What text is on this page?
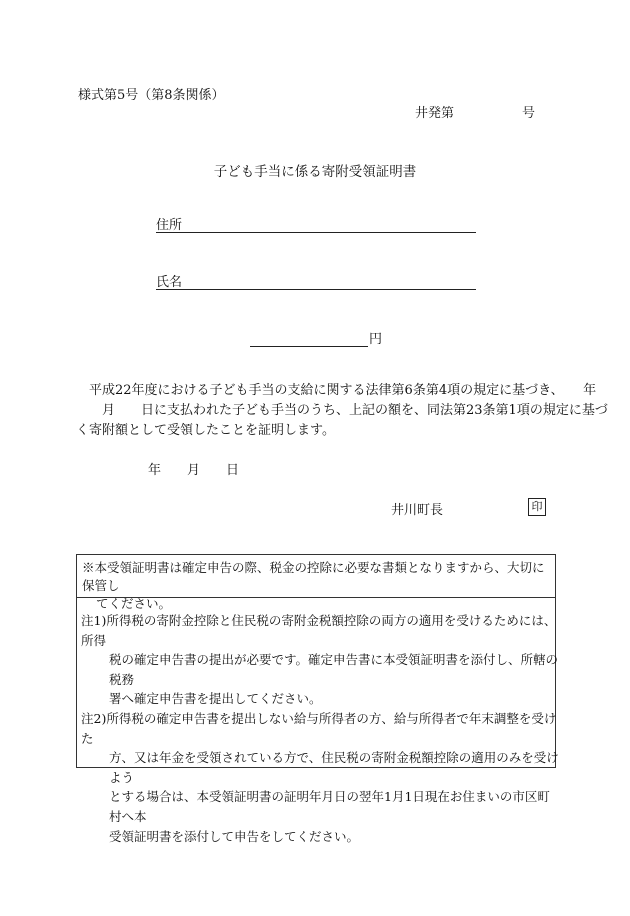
様式第5号（第8条関係）
井発第	号
子ども手当に係る寄附受領証明書
住所
氏名
円
　平成22年度における子ども手当の支給に関する法律第6条第4項の規定に基づき、　　年
　　月　　日に支払われた子ども手当のうち、上記の額を、同法第23条第1項の規定に基づ
く寄附額として受領したことを証明します。
年 月 日
井川町長	印
※本受領証明書は確定申告の際、税金の控除に必要な書類となりますから、大切に保管し
てください。
注1)所得税の寄附金控除と住民税の寄附金税額控除の両方の適用を受けるためには、所得
税の確定申告書の提出が必要です。確定申告書に本受領証明書を添付し、所轄の税務
署へ確定申告書を提出してください。
注2)所得税の確定申告書を提出しない給与所得者の方、給与所得者で年末調整を受けた
方、又は年金を受領されている方で、住民税の寄附金税額控除の適用のみを受けよう
とする場合は、本受領証明書の証明年月日の翌年1月1日現在お住まいの市区町村へ本
受領証明書を添付して申告をしてください。
